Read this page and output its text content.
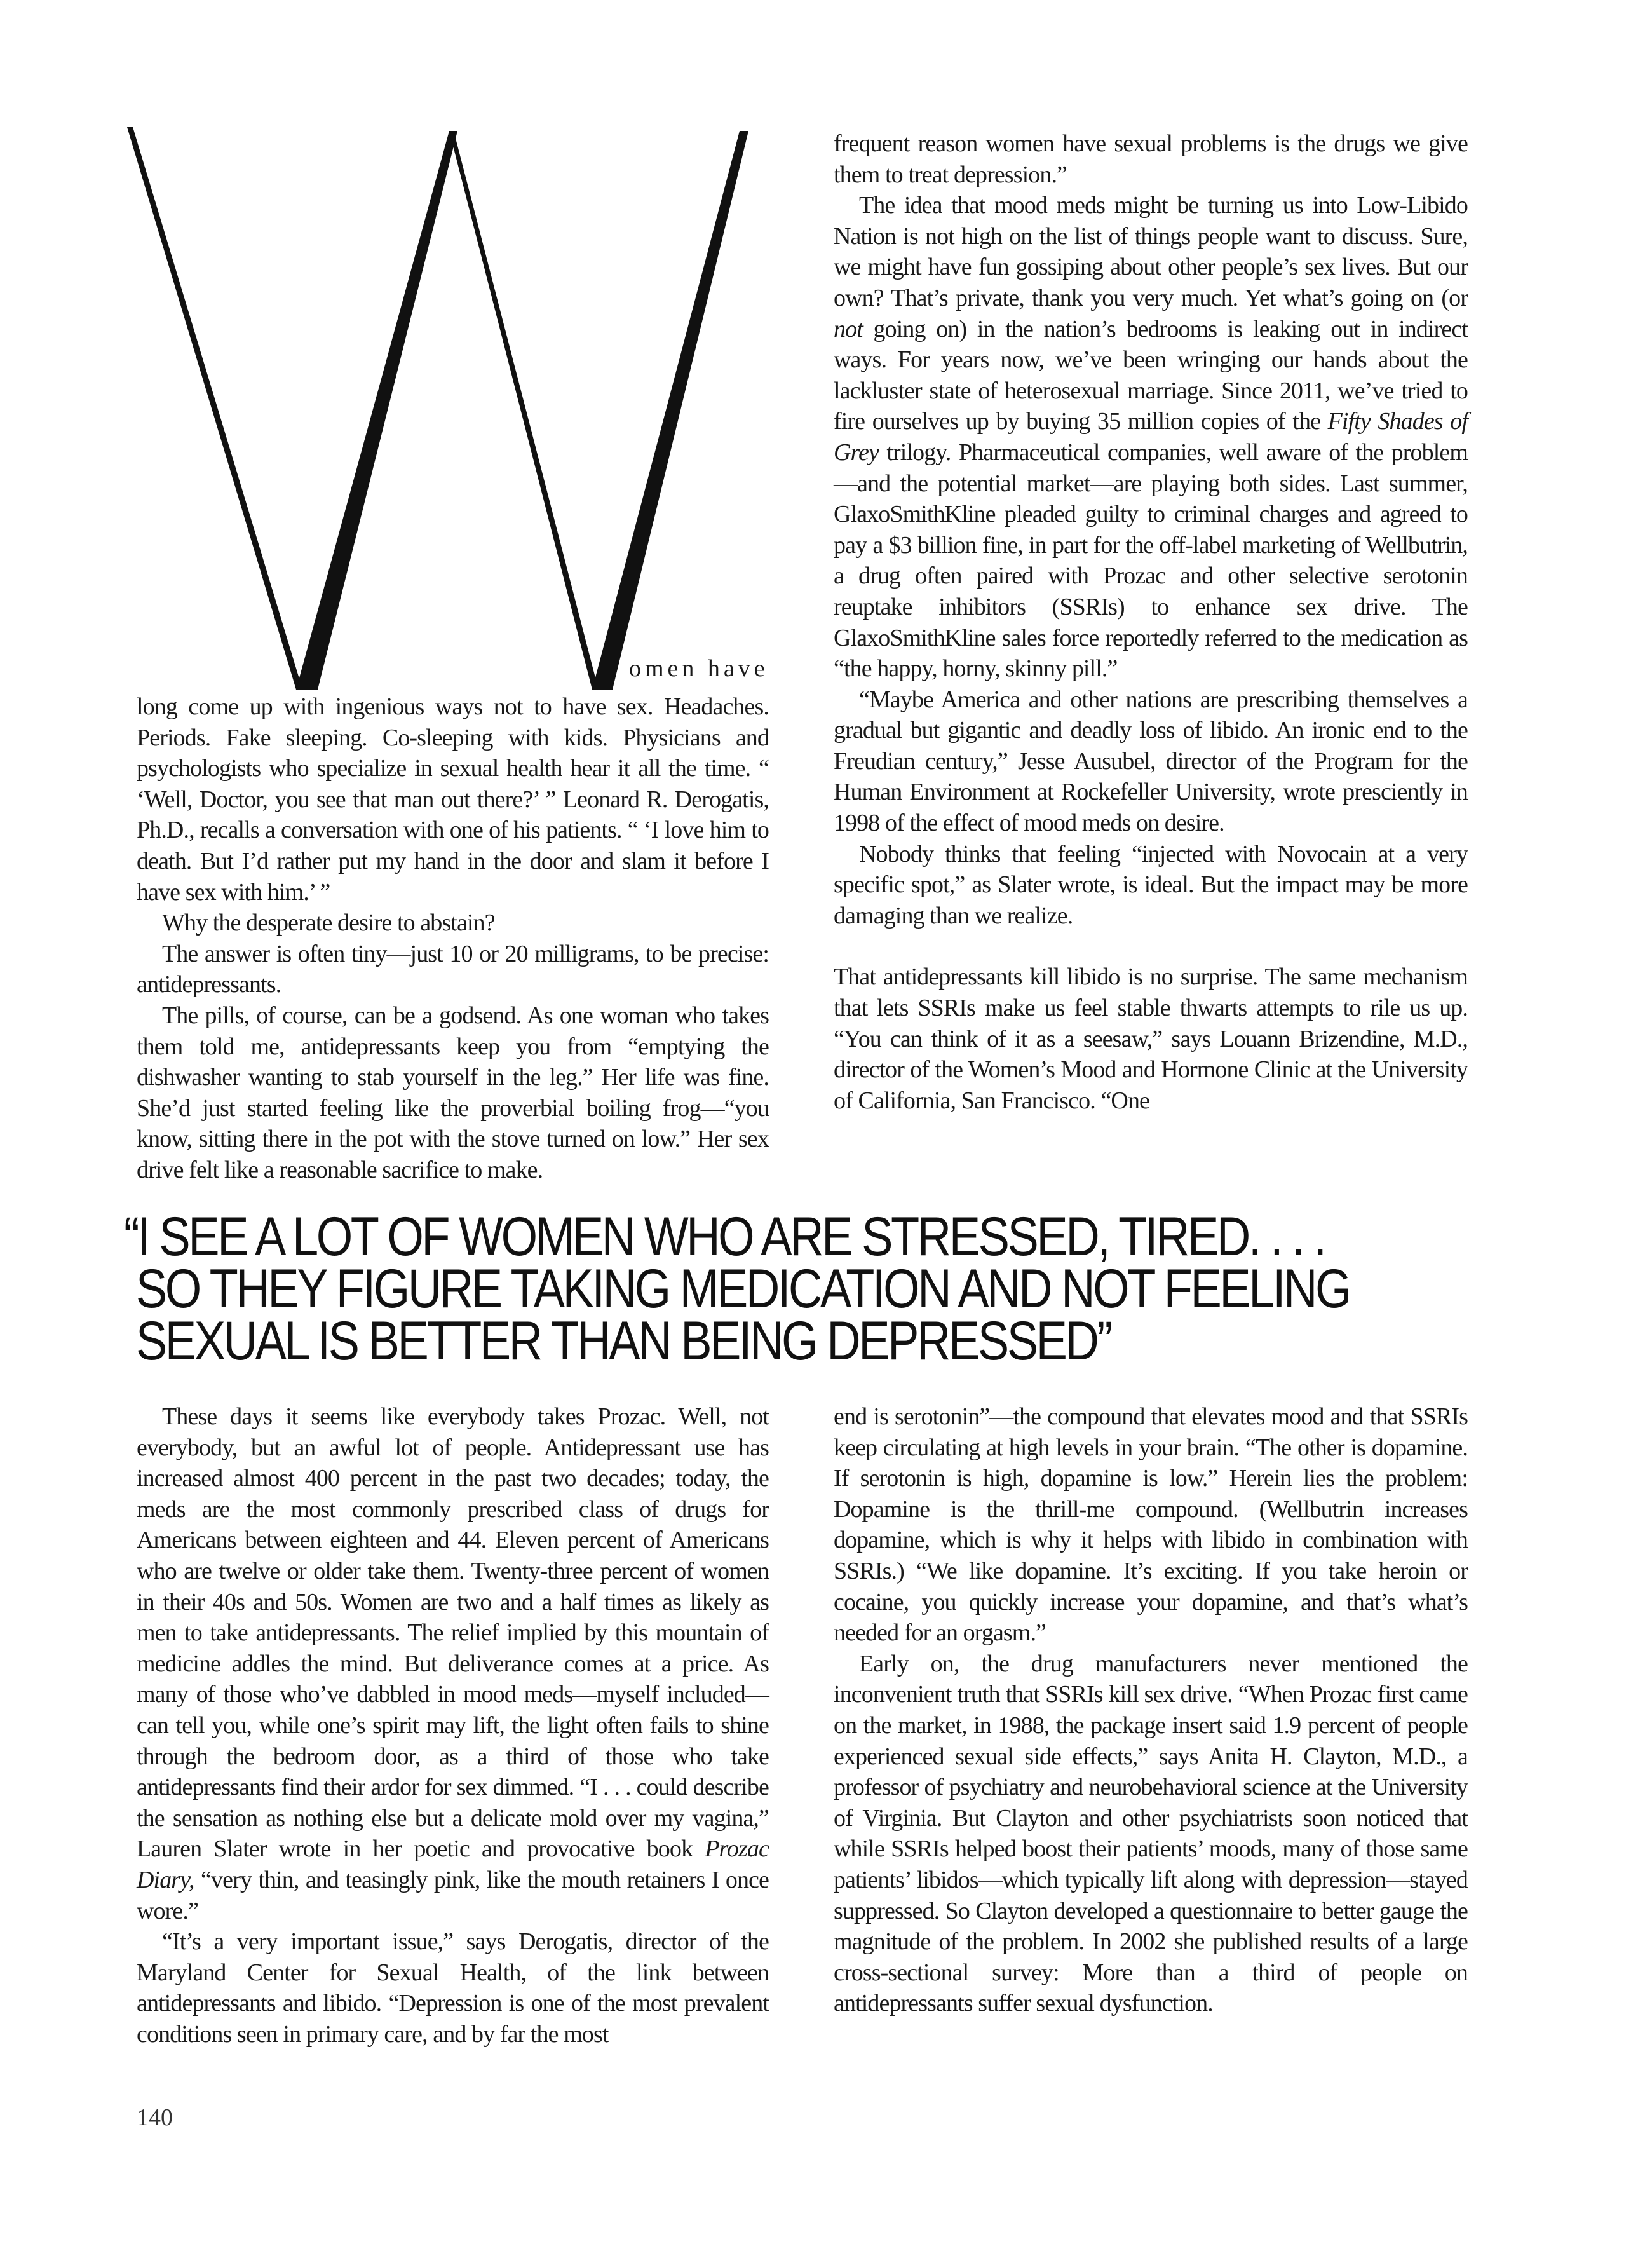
omen have

long come up with ingenious ways not to have sex. Headaches. Periods. Fake sleeping. Co-sleeping with kids. Physicians and psychologists who specialize in sexual health hear it all the time. “ ‘Well, Doctor, you see that man out there?’ ” Leonard R. Derogatis, Ph.D., recalls a conversation with one of his patients. “ ‘I love him to death. But I’d rather put my hand in the door and slam it before I have sex with him.’ ”

Why the desperate desire to abstain?

The answer is often tiny—just 10 or 20 milligrams, to be precise: antidepressants.

The pills, of course, can be a godsend. As one woman who takes them told me, antidepressants keep you from “emptying the dishwasher wanting to stab yourself in the leg.” Her life was fine. She’d just started feeling like the proverbial boiling frog—“you know, sitting there in the pot with the stove turned on low.” Her sex drive felt like a reasonable sacrifice to make.

frequent reason women have sexual problems is the drugs we give them to treat depression.”

The idea that mood meds might be turning us into Low-Libido Nation is not high on the list of things people want to discuss. Sure, we might have fun gossiping about other people’s sex lives. But our own? That’s private, thank you very much. Yet what’s going on (or not going on) in the nation’s bedrooms is leaking out in indirect ways. For years now, we’ve been wringing our hands about the lackluster state of heterosexual marriage. Since 2011, we’ve tried to fire ourselves up by buying 35 million copies of the Fifty Shades of Grey trilogy. Pharmaceutical companies, well aware of the problem—and the potential market—are playing both sides. Last summer, GlaxoSmithKline pleaded guilty to criminal charges and agreed to pay a $3 billion fine, in part for the off-label marketing of Wellbutrin, a drug often paired with Prozac and other selective serotonin reuptake inhibitors (SSRIs) to enhance sex drive. The GlaxoSmithKline sales force reportedly referred to the medication as “the happy, horny, skinny pill.”

“Maybe America and other nations are prescribing themselves a gradual but gigantic and deadly loss of libido. An ironic end to the Freudian century,” Jesse Ausubel, director of the Program for the Human Environment at Rockefeller University, wrote presciently in 1998 of the effect of mood meds on desire.

Nobody thinks that feeling “injected with Novocain at a very specific spot,” as Slater wrote, is ideal. But the impact may be more damaging than we realize.

That antidepressants kill libido is no surprise. The same mechanism that lets SSRIs make us feel stable thwarts attempts to rile us up. “You can think of it as a seesaw,” says Louann Brizendine, M.D., director of the Women’s Mood and Hormone Clinic at the University of California, San Francisco. “One

“I SEE A LOT OF WOMEN WHO ARE STRESSED, TIRED. . . .
SO THEY FIGURE TAKING MEDICATION AND NOT FEELING
SEXUAL IS BETTER THAN BEING DEPRESSED”

These days it seems like everybody takes Prozac. Well, not everybody, but an awful lot of people. Antidepressant use has increased almost 400 percent in the past two decades; today, the meds are the most commonly prescribed class of drugs for Americans between eighteen and 44. Eleven percent of Americans who are twelve or older take them. Twenty-three percent of women in their 40s and 50s. Women are two and a half times as likely as men to take antidepressants. The relief implied by this mountain of medicine addles the mind. But deliverance comes at a price. As many of those who’ve dabbled in mood meds—myself included—can tell you, while one’s spirit may lift, the light often fails to shine through the bedroom door, as a third of those who take antidepressants find their ardor for sex dimmed. “I . . . could describe the sensation as nothing else but a delicate mold over my vagina,” Lauren Slater wrote in her poetic and provocative book Prozac Diary, “very thin, and teasingly pink, like the mouth retainers I once wore.”

“It’s a very important issue,” says Derogatis, director of the Maryland Center for Sexual Health, of the link between antidepressants and libido. “Depression is one of the most prevalent conditions seen in primary care, and by far the most

end is serotonin”—the compound that elevates mood and that SSRIs keep circulating at high levels in your brain. “The other is dopamine. If serotonin is high, dopamine is low.” Herein lies the problem: Dopamine is the thrill-me compound. (Wellbutrin increases dopamine, which is why it helps with libido in combination with SSRIs.) “We like dopamine. It’s exciting. If you take heroin or cocaine, you quickly increase your dopamine, and that’s what’s needed for an orgasm.”

Early on, the drug manufacturers never mentioned the inconvenient truth that SSRIs kill sex drive. “When Prozac first came on the market, in 1988, the package insert said 1.9 percent of people experienced sexual side effects,” says Anita H. Clayton, M.D., a professor of psychiatry and neurobehavioral science at the University of Virginia. But Clayton and other psychiatrists soon noticed that while SSRIs helped boost their patients’ moods, many of those same patients’ libidos—which typically lift along with depression—stayed suppressed. So Clayton developed a questionnaire to better gauge the magnitude of the problem. In 2002 she published results of a large cross-sectional survey: More than a third of people on antidepressants suffer sexual dysfunction.

140
